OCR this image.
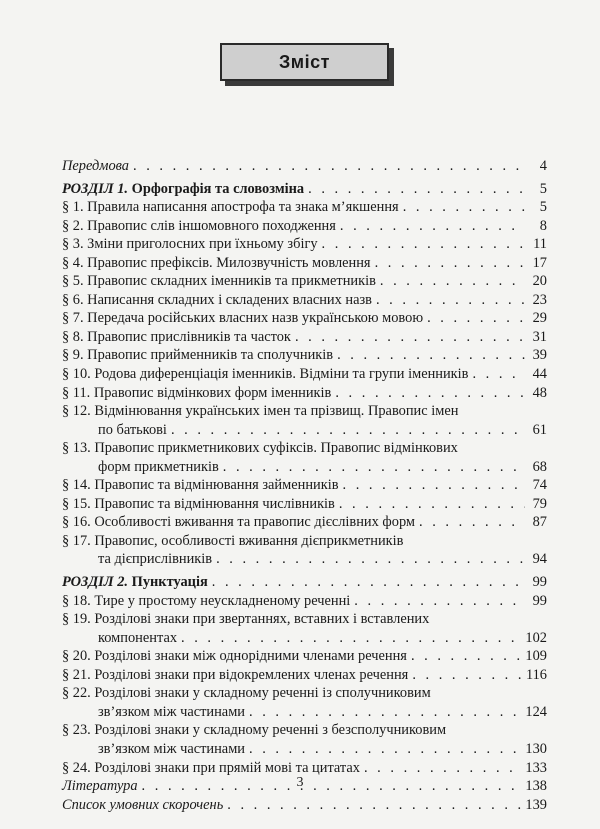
Зміст
Передмова . . .	4
РОЗДІЛ 1. Орфографія та словозміна . . .	5
§ 1. Правила написання апострофа та знака м’якшення . . .	5
§ 2. Правопис слів іншомовного походження . . .	8
§ 3. Зміни приголосних при їхньому збігу . . .	11
§ 4. Правопис префіксів. Милозвучність мовлення . . .	17
§ 5. Правопис складних іменників та прикметників . . .	20
§ 6. Написання складних і складених власних назв . . .	23
§ 7. Передача російських власних назв українською мовою . . .	29
§ 8. Правопис прислівників та часток . . .	31
§ 9. Правопис прийменників та сполучників . . .	39
§ 10. Родова диференціація іменників. Відміни та групи іменників . . .	44
§ 11. Правопис відмінкових форм іменників . . .	48
§ 12. Відмінювання українських імен та прізвищ. Правопис імен
по батькові . . .	61
§ 13. Правопис прикметникових суфіксів. Правопис відмінкових
форм прикметників . . .	68
§ 14. Правопис та відмінювання займенників . . .	74
§ 15. Правопис та відмінювання числівників . . .	79
§ 16. Особливості вживання та правопис дієслівних форм . . .	87
§ 17. Правопис, особливості вживання дієприкметників
та дієприслівників . . .	94
РОЗДІЛ 2. Пунктуація . . .	99
§ 18. Тире у простому неускладненому реченні . . .	99
§ 19. Розділові знаки при звертаннях, вставних і вставлених
компонентах . . .	102
§ 20. Розділові знаки між однорідними членами речення . . .	109
§ 21. Розділові знаки при відокремлених членах речення . . .	116
§ 22. Розділові знаки у складному реченні із сполучниковим
зв’язком між частинами . . .	124
§ 23. Розділові знаки у складному реченні з безсполучниковим
зв’язком між частинами . . .	130
§ 24. Розділові знаки при прямій мові та цитатах . . .	133
Література . . .	138
Список умовних скорочень . . .	139
3
